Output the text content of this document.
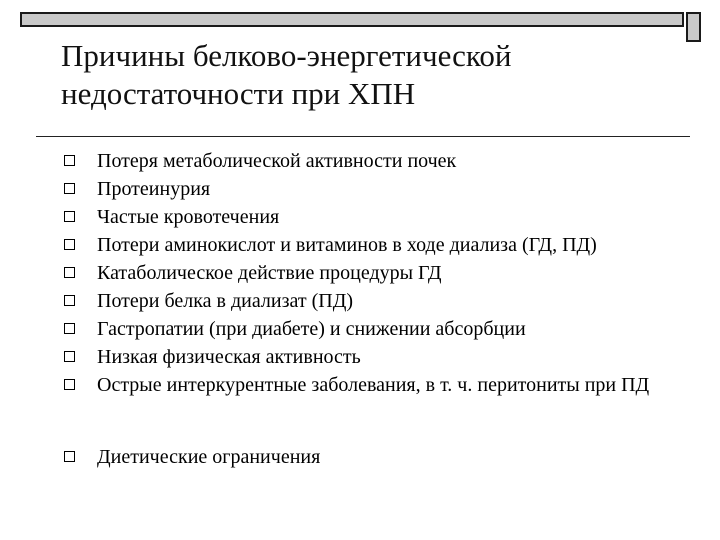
Причины белково-энергетической
недостаточности при ХПН
Потеря метаболической активности почек
Протеинурия
Частые кровотечения
Потери аминокислот и витаминов в ходе диализа (ГД, ПД)
Катаболическое действие процедуры ГД
Потери белка в диализат (ПД)
Гастропатии (при диабете) и снижении абсорбции
Низкая физическая активность
Острые интеркурентные заболевания, в т. ч. перитониты при ПД
Диетические ограничения
